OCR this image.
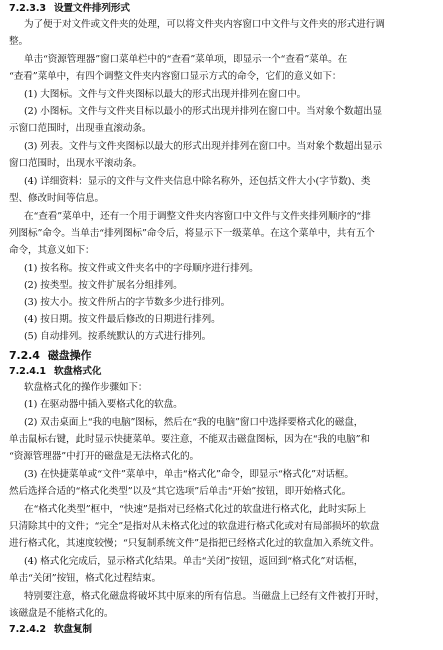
7.2.3.3 设置文件排列形式
为了便于对文件或文件夹的处理，可以将文件夹内容窗口中文件与文件夹的形式进行调
整。
单击“资源管理器”窗口菜单栏中的“查看”菜单项，即显示一个“查看”菜单。在
“查看”菜单中，有四个调整文件夹内容窗口显示方式的命令，它们的意义如下：
(1) 大图标。文件与文件夹图标以最大的形式出现并排列在窗口中。
(2) 小图标。文件与文件夹目标以最小的形式出现并排列在窗口中。当对象个数超出显
示窗口范围时，出现垂直滚动条。
(3) 列表。文件与文件夹图标以最大的形式出现并排列在窗口中。当对象个数超出显示
窗口范围时，出现水平滚动条。
(4) 详细资料：显示的文件与文件夹信息中除名称外，还包括文件大小(字节数)、类
型、修改时间等信息。
在“查看”菜单中，还有一个用于调整文件夹内容窗口中文件与文件夹排列顺序的“排
列图标”命令。当单击“排列图标”命令后，将显示下一级菜单。在这个菜单中，共有五个
命令，其意义如下：
(1) 按名称。按文件或文件夹名中的字母顺序进行排列。
(2) 按类型。按文件扩展名分组排列。
(3) 按大小。按文件所占的字节数多少进行排列。
(4) 按日期。按文件最后修改的日期进行排列。
(5) 自动排列。按系统默认的方式进行排列。
7.2.4 磁盘操作
7.2.4.1 软盘格式化
软盘格式化的操作步骤如下：
(1) 在驱动器中插入要格式化的软盘。
(2) 双击桌面上“我的电脑”图标，然后在“我的电脑”窗口中选择要格式化的磁盘，
单击鼠标右键，此时显示快捷菜单。要注意，不能双击磁盘图标，因为在“我的电脑”和
“资源管理器”中打开的磁盘是无法格式化的。
(3) 在快捷菜单或“文件”菜单中，单击“格式化”命令，即显示“格式化”对话框。
然后选择合适的“格式化类型”以及“其它选项”后单击“开始”按钮，即开始格式化。
在“格式化类型”框中，“快速”是指对已经格式化过的软盘进行格式化，此时实际上
只清除其中的文件；“完全”是指对从未格式化过的软盘进行格式化或对有局部损坏的软盘
进行格式化，其速度较慢；“只复制系统文件”是指把已经格式化过的软盘加入系统文件。
(4) 格式化完成后，显示格式化结果。单击“关闭”按钮，返回到“格式化”对话框，
单击“关闭”按钮，格式化过程结束。
特别要注意，格式化磁盘将破坏其中原来的所有信息。当磁盘上已经有文件被打开时，
该磁盘是不能格式化的。
7.2.4.2 软盘复制
